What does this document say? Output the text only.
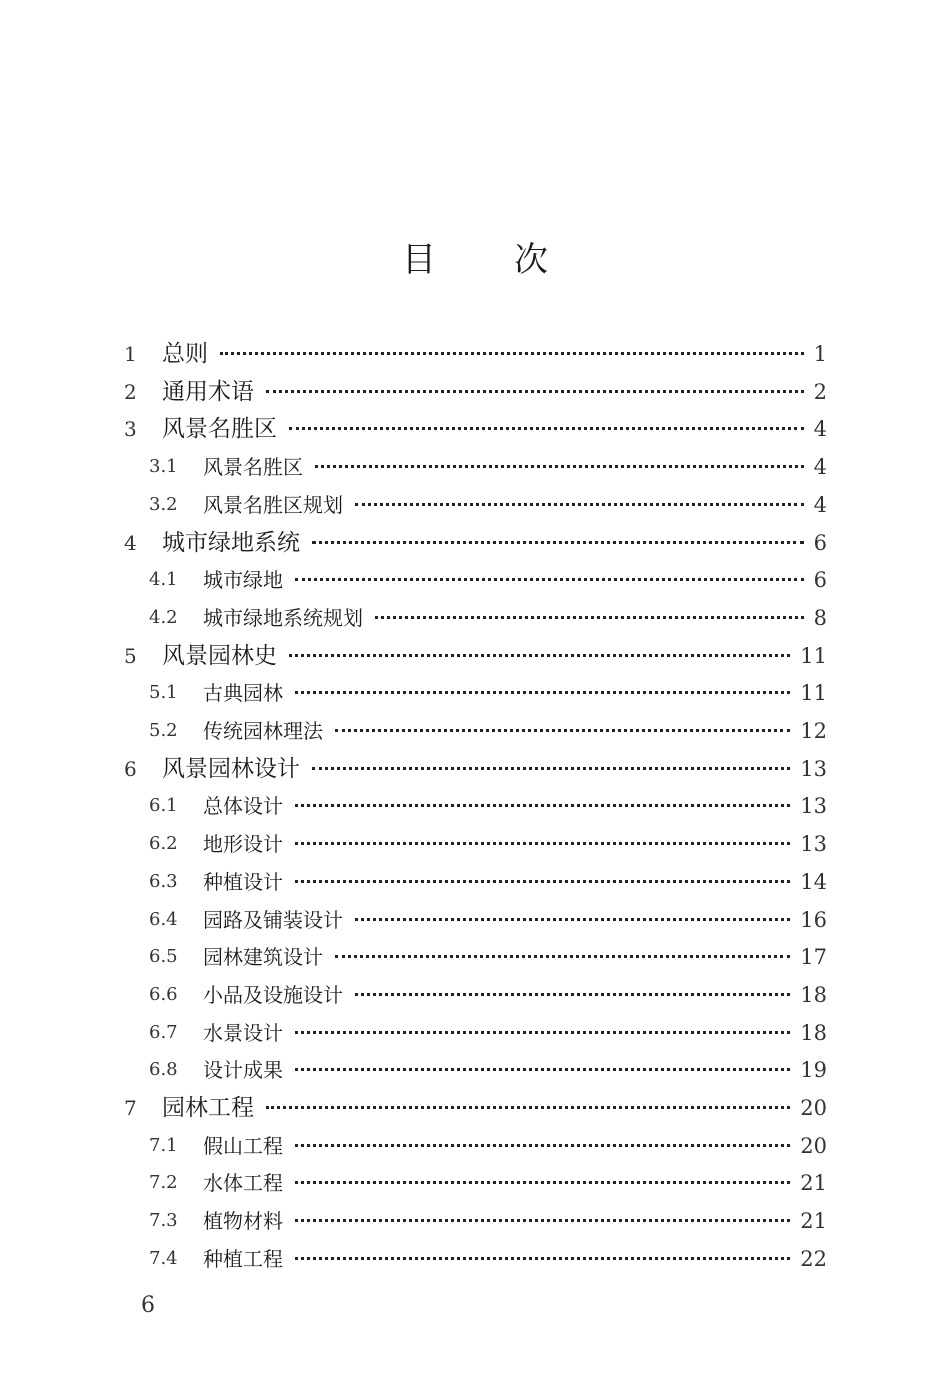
目 次
1 总则	1
2 通用术语	2
3 风景名胜区	4
3.1 风景名胜区	4
3.2 风景名胜区规划	4
4 城市绿地系统	6
4.1 城市绿地	6
4.2 城市绿地系统规划	8
5 风景园林史	11
5.1 古典园林	11
5.2 传统园林理法	12
6 风景园林设计	13
6.1 总体设计	13
6.2 地形设计	13
6.3 种植设计	14
6.4 园路及铺装设计	16
6.5 园林建筑设计	17
6.6 小品及设施设计	18
6.7 水景设计	18
6.8 设计成果	19
7 园林工程	20
7.1 假山工程	20
7.2 水体工程	21
7.3 植物材料	21
7.4 种植工程	22
6
